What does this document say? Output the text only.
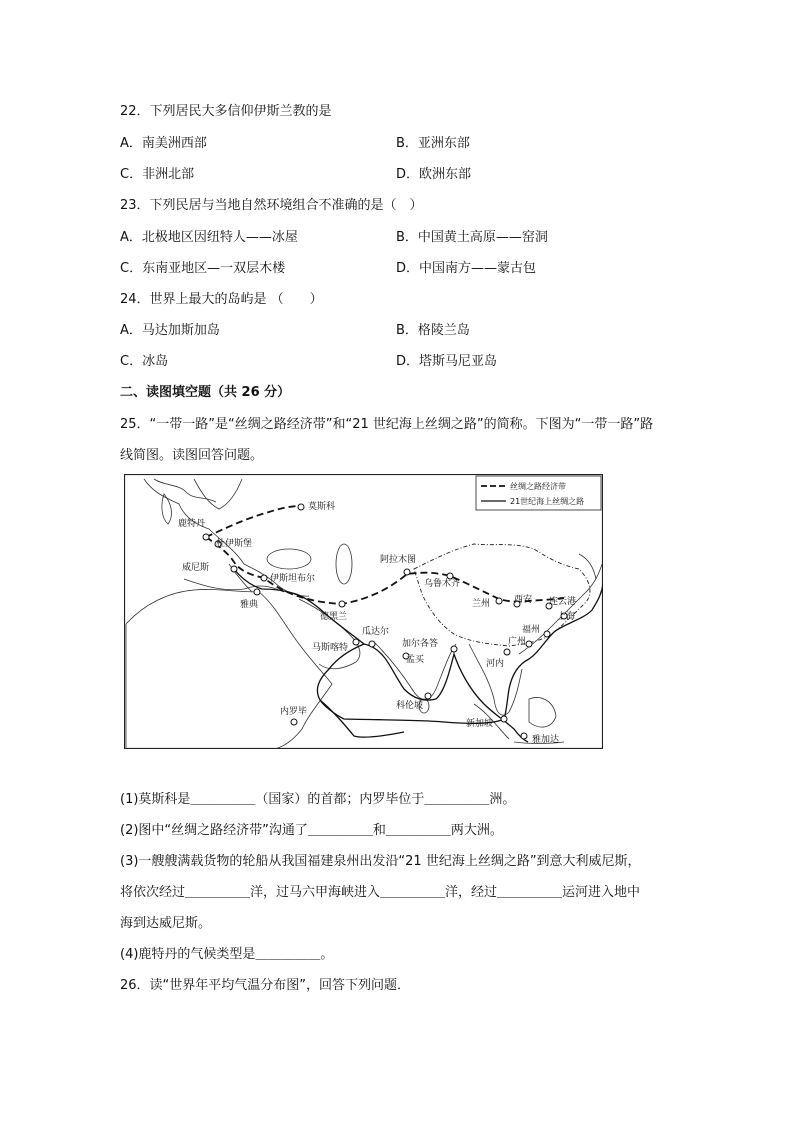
22．下列居民大多信仰伊斯兰教的是
A．南美洲西部	B．亚洲东部
C．非洲北部	D．欧洲东部
23．下列民居与当地自然环境组合不准确的是（　）
A．北极地区因纽特人——冰屋	B．中国黄土高原——窑洞
C．东南亚地区—一双层木楼	D．中国南方——蒙古包
24．世界上最大的岛屿是 （　　）
A．马达加斯加岛	B．格陵兰岛
C．冰岛	D．塔斯马尼亚岛
二、读图填空题（共 26 分）
25．“一带一路”是“丝绸之路经济带”和“21 世纪海上丝绸之路”的简称。下图为“一带一路”路
线简图。读图回答问题。
丝绸之路经济带
21世纪海上丝绸之路
莫斯科
鹿特丹
杜伊斯堡
威尼斯
伊斯坦布尔
雅典
德黑兰
阿拉木图
乌鲁木齐
兰州	西安 连云港
上海
福州
广州
河内
马斯喀特
瓜达尔
加尔各答
孟买
科伦坡
新加坡
雅加达
内罗毕
(1)莫斯科是＿＿＿＿＿（国家）的首都；内罗毕位于＿＿＿＿＿洲。
(2)图中“丝绸之路经济带”沟通了＿＿＿＿＿和＿＿＿＿＿两大洲。
(3)一艘艘满载货物的轮船从我国福建泉州出发沿“21 世纪海上丝绸之路”到意大利威尼斯，
将依次经过＿＿＿＿＿洋，过马六甲海峡进入＿＿＿＿＿洋，经过＿＿＿＿＿运河进入地中
海到达威尼斯。
(4)鹿特丹的气候类型是＿＿＿＿＿。
26．读“世界年平均气温分布图”，回答下列问题．
